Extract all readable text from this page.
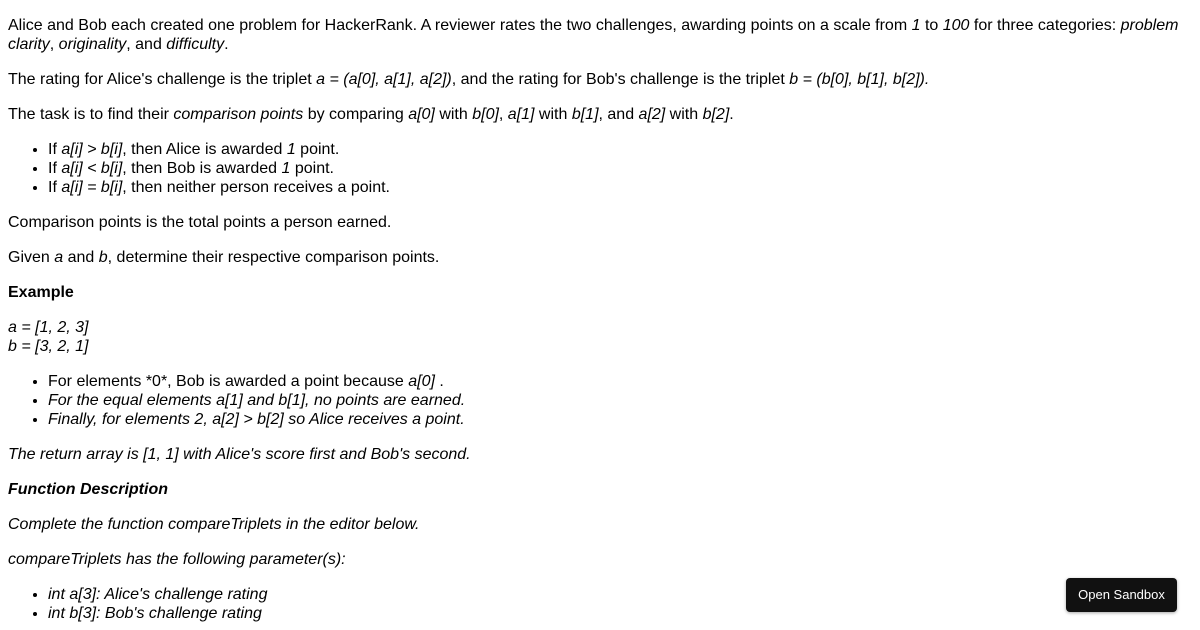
Alice and Bob each created one problem for HackerRank. A reviewer rates the two challenges, awarding points on a scale from 1 to 100 for three categories: problem clarity, originality, and difficulty.

The rating for Alice's challenge is the triplet a = (a[0], a[1], a[2]), and the rating for Bob's challenge is the triplet b = (b[0], b[1], b[2]).

The task is to find their comparison points by comparing a[0] with b[0], a[1] with b[1], and a[2] with b[2].

• If a[i] > b[i], then Alice is awarded 1 point.
• If a[i] < b[i], then Bob is awarded 1 point.
• If a[i] = b[i], then neither person receives a point.

Comparison points is the total points a person earned.

Given a and b, determine their respective comparison points.

Example

a = [1, 2, 3]
b = [3, 2, 1]

• For elements *0*, Bob is awarded a point because a[0] .
• For the equal elements a[1] and b[1], no points are earned.
• Finally, for elements 2, a[2] > b[2] so Alice receives a point.

The return array is [1, 1] with Alice's score first and Bob's second.

Function Description

Complete the function compareTriplets in the editor below.

compareTriplets has the following parameter(s):

• int a[3]: Alice's challenge rating
• int b[3]: Bob's challenge rating
Open Sandbox
